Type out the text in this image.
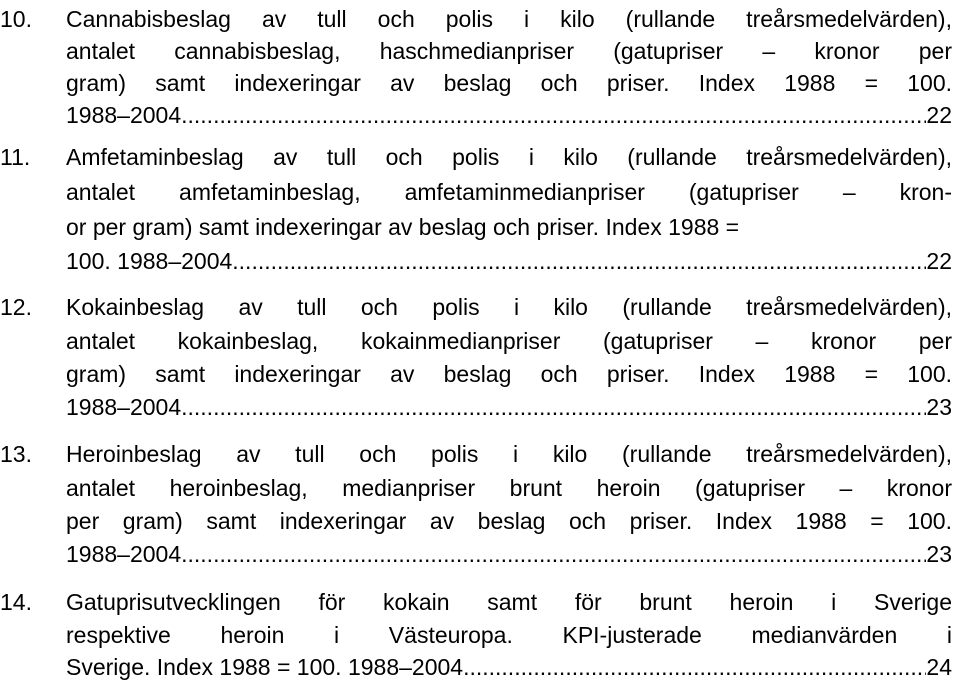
10. Cannabisbeslag av tull och polis i kilo (rullande treårsmedelvärden),
antalet cannabisbeslag, haschmedianpriser (gatupriser – kronor per
gram) samt indexeringar av beslag och priser. Index 1988 = 100.
1988–2004. .....	22
11. Amfetaminbeslag av tull och polis i kilo (rullande treårsmedelvärden),
antalet amfetaminbeslag, amfetaminmedianpriser (gatupriser – kron-
or per gram) samt indexeringar av beslag och priser. Index 1988 =
100. 1988–2004. .....	22
12. Kokainbeslag av tull och polis i kilo (rullande treårsmedelvärden),
antalet kokainbeslag, kokainmedianpriser (gatupriser – kronor per
gram) samt indexeringar av beslag och priser. Index 1988 = 100.
1988–2004. .....	23
13. Heroinbeslag av tull och polis i kilo (rullande treårsmedelvärden),
antalet heroinbeslag, medianpriser brunt heroin (gatupriser – kronor
per gram) samt indexeringar av beslag och priser. Index 1988 = 100.
1988–2004. .....	23
14. Gatuprisutvecklingen för kokain samt för brunt heroin i Sverige
respektive heroin i Västeuropa. KPI-justerade medianvärden i
Sverige. Index 1988 = 100. 1988–2004. .....	24
